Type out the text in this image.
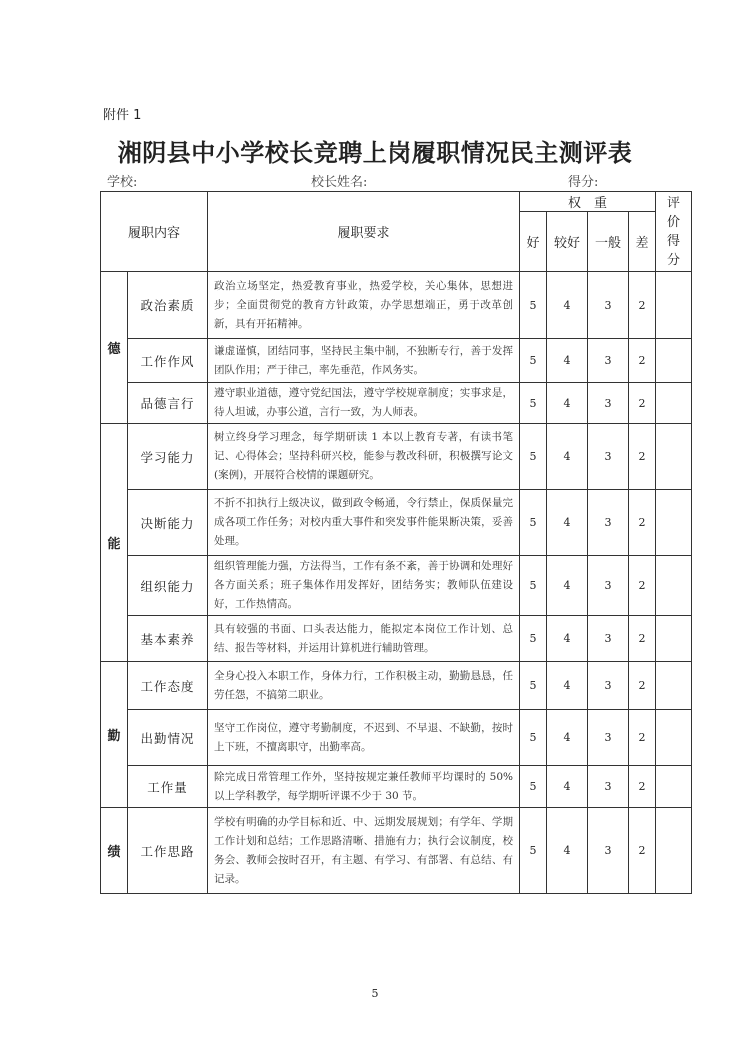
附件 1
湘阴县中小学校长竞聘上岗履职情况民主测评表
学校:	校长姓名:	得分:
履职内容		履职要求	权　重				评价得分
			好	较好	一般	差	
德	政治素质	政治立场坚定，热爱教育事业，热爱学校，关心集体，思想进步；全面贯彻党的教育方针政策，办学思想端正，勇于改革创新，具有开拓精神。	5	4	3	2	
	工作作风	谦虚谨慎，团结同事，坚持民主集中制，不独断专行，善于发挥团队作用；严于律己，率先垂范，作风务实。	5	4	3	2	
	品德言行	遵守职业道德，遵守党纪国法，遵守学校规章制度；实事求是，待人坦诚，办事公道，言行一致，为人师表。	5	4	3	2	
能	学习能力	树立终身学习理念，每学期研读 1 本以上教育专著，有读书笔记、心得体会；坚持科研兴校，能参与教改科研，积极撰写论文(案例)，开展符合校情的课题研究。	5	4	3	2	
	决断能力	不折不扣执行上级决议，做到政令畅通，令行禁止，保质保量完成各项工作任务；对校内重大事件和突发事件能果断决策，妥善处理。	5	4	3	2	
	组织能力	组织管理能力强，方法得当，工作有条不紊，善于协调和处理好各方面关系；班子集体作用发挥好，团结务实；教师队伍建设好，工作热情高。	5	4	3	2	
	基本素养	具有较强的书面、口头表达能力，能拟定本岗位工作计划、总结、报告等材料，并运用计算机进行辅助管理。	5	4	3	2	
勤	工作态度	全身心投入本职工作，身体力行，工作积极主动，勤勤恳恳，任劳任怨，不搞第二职业。	5	4	3	2	
	出勤情况	坚守工作岗位，遵守考勤制度，不迟到、不早退、不缺勤，按时上下班，不擅离职守，出勤率高。	5	4	3	2	
	工作量	除完成日常管理工作外，坚持按规定兼任教师平均课时的 50%以上学科教学，每学期听评课不少于 30 节。	5	4	3	2	
绩	工作思路	学校有明确的办学目标和近、中、远期发展规划；有学年、学期工作计划和总结；工作思路清晰、措施有力；执行会议制度，校务会、教师会按时召开，有主题、有学习、有部署、有总结、有记录。	5	4	3	2	
5
